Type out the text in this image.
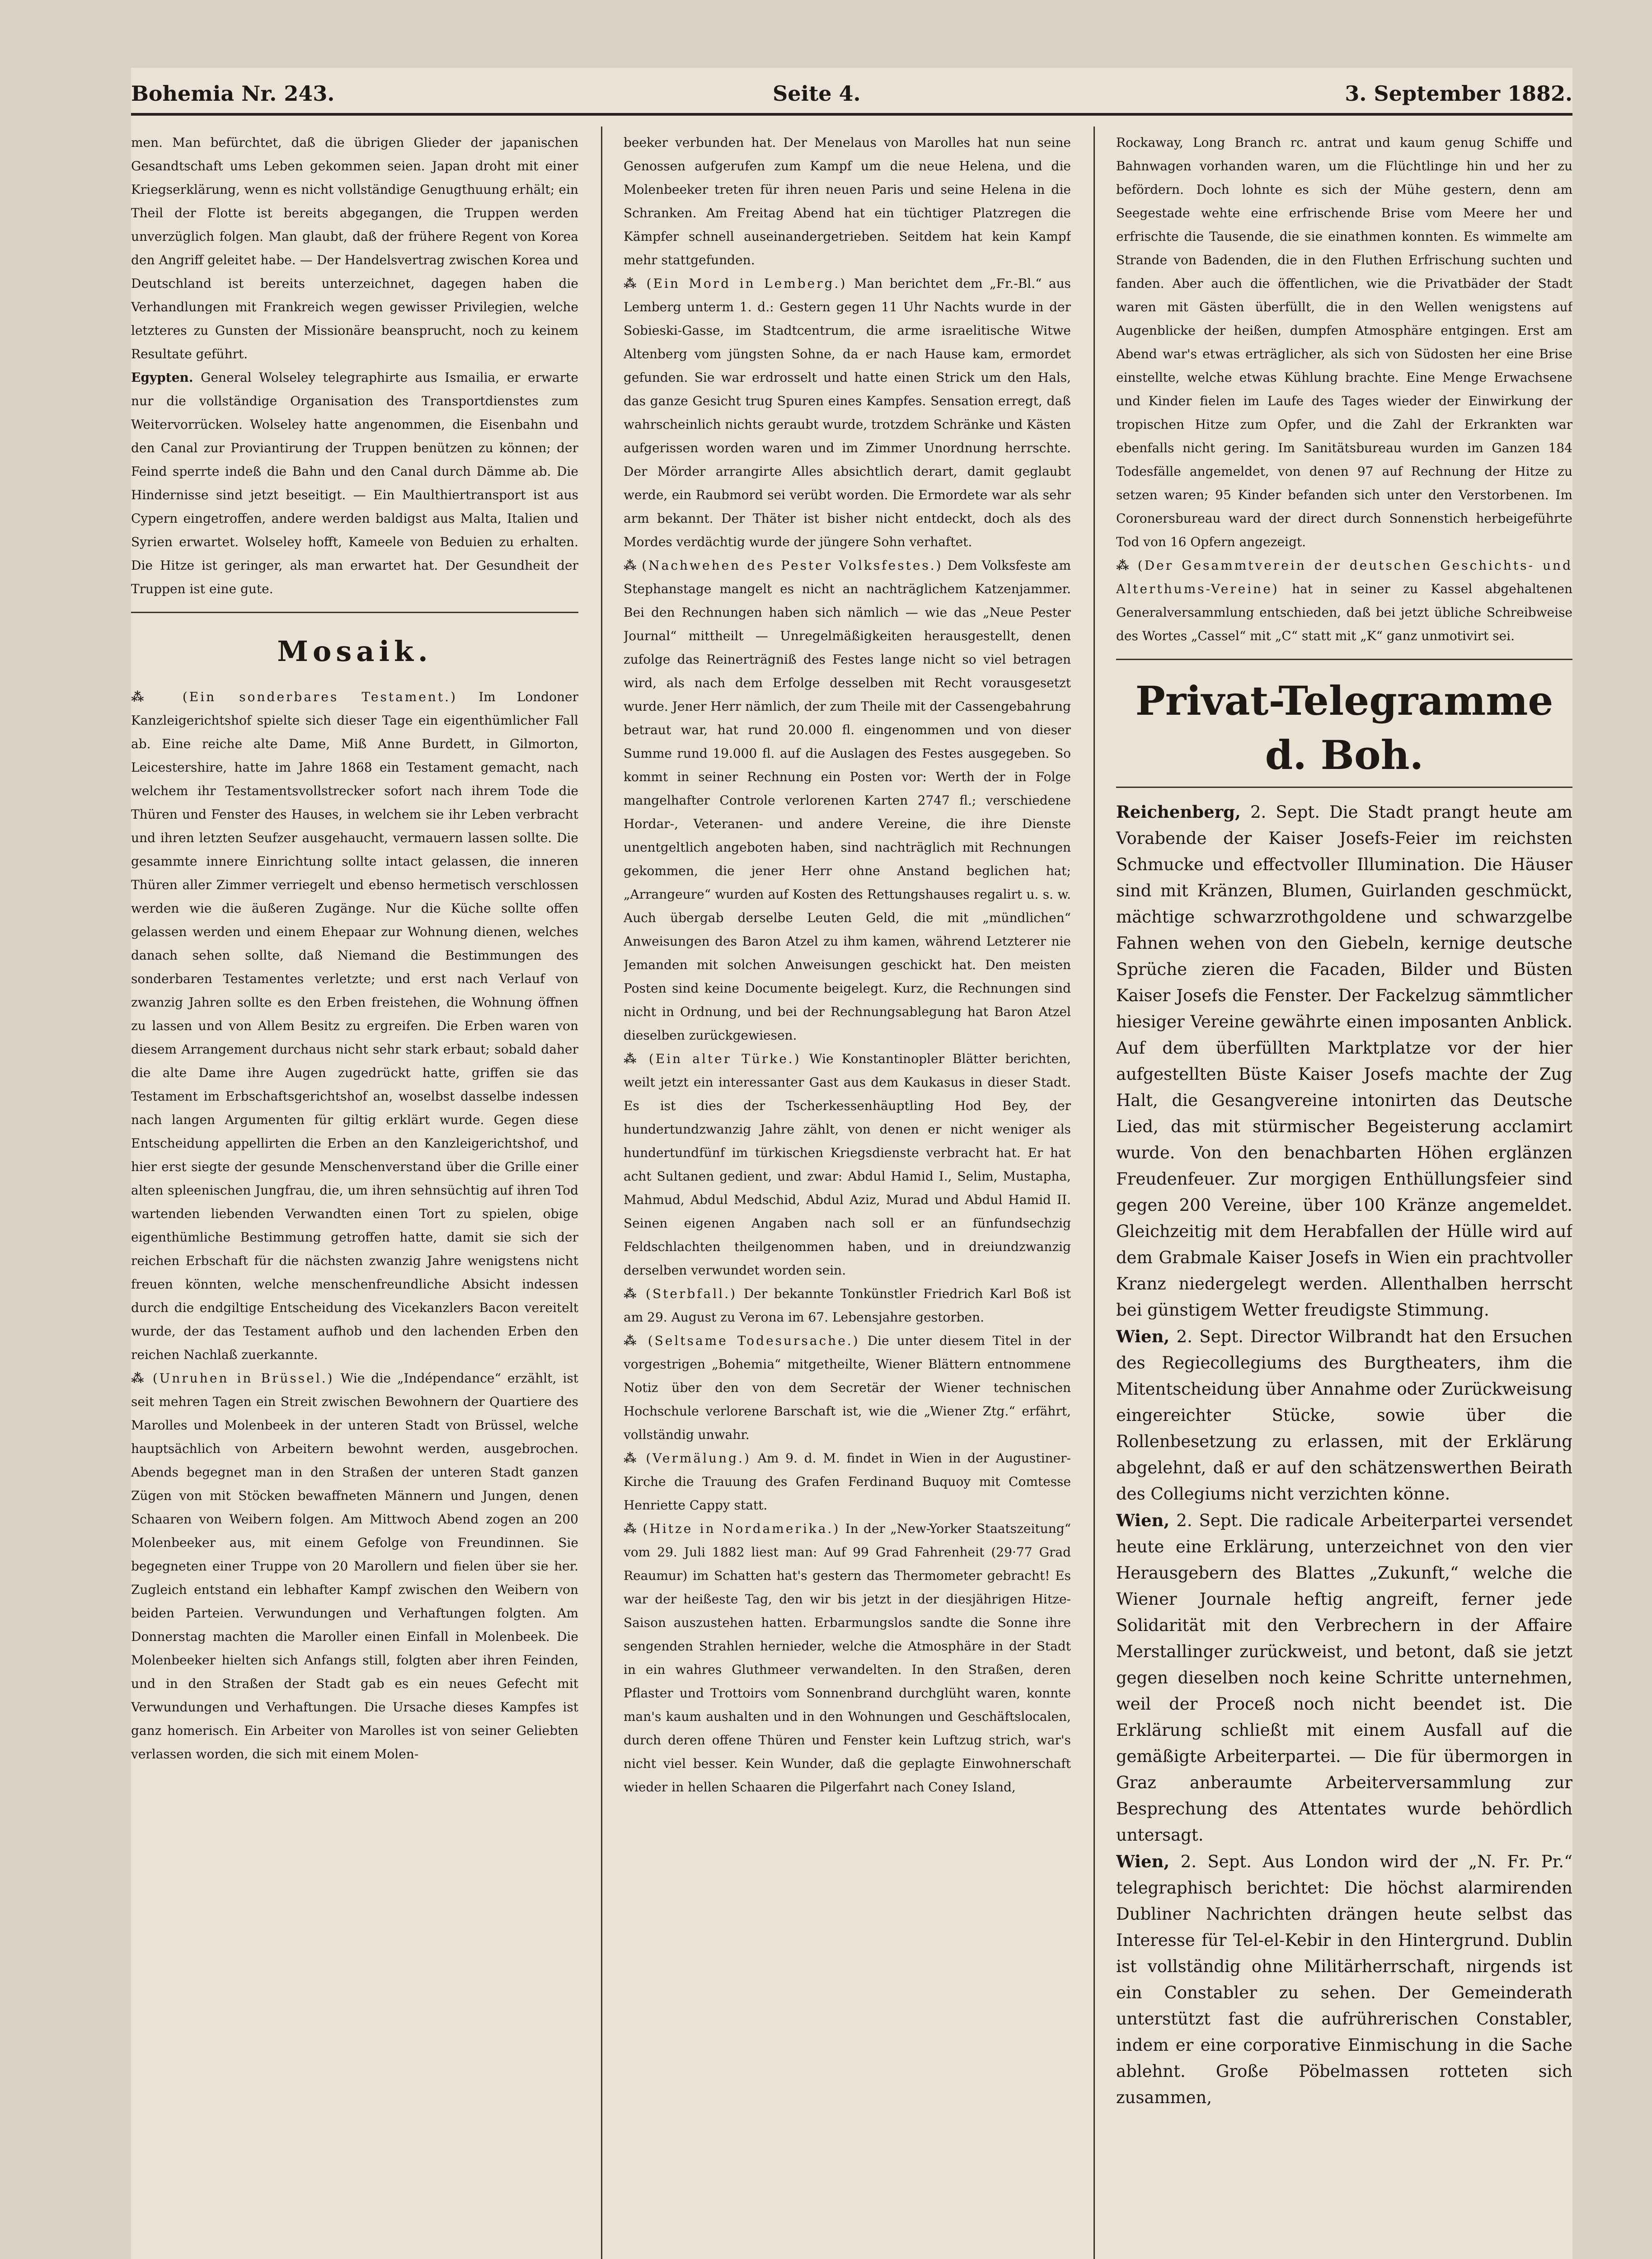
Bohemia Nr. 243.	Seite 4.	3. September 1882.

men. Man befürchtet, daß die übrigen Glieder der japanischen Gesandtschaft ums Leben gekommen seien. Japan droht mit einer Kriegserklärung, wenn es nicht vollständige Genugthuung erhält; ein Theil der Flotte ist bereits abgegangen, die Truppen werden unverzüglich folgen. Man glaubt, daß der frühere Regent von Korea den Angriff geleitet habe. — Der Handelsvertrag zwischen Korea und Deutschland ist bereits unterzeichnet, dagegen haben die Verhandlungen mit Frankreich wegen gewisser Privilegien, welche letzteres zu Gunsten der Missionäre beansprucht, noch zu keinem Resultate geführt.

Egypten. General Wolseley telegraphirte aus Ismailia, er erwarte nur die vollständige Organisation des Transportdienstes zum Weitervorrücken. Wolseley hatte angenommen, die Eisenbahn und den Canal zur Proviantirung der Truppen benützen zu können; der Feind sperrte indeß die Bahn und den Canal durch Dämme ab. Die Hindernisse sind jetzt beseitigt. — Ein Maulthiertransport ist aus Cypern eingetroffen, andere werden baldigst aus Malta, Italien und Syrien erwartet. Wolseley hofft, Kameele von Beduien zu erhalten. Die Hitze ist geringer, als man erwartet hat. Der Gesundheit der Truppen ist eine gute.

Mosaik.

⁂ (Ein sonderbares Testament.) Im Londoner Kanzleigerichtshof spielte sich dieser Tage ein eigenthümlicher Fall ab. Eine reiche alte Dame, Miß Anne Burdett, in Gilmorton, Leicestershire, hatte im Jahre 1868 ein Testament gemacht, nach welchem ihr Testamentsvollstrecker sofort nach ihrem Tode die Thüren und Fenster des Hauses, in welchem sie ihr Leben verbracht und ihren letzten Seufzer ausgehaucht, vermauern lassen sollte. Die gesammte innere Einrichtung sollte intact gelassen, die inneren Thüren aller Zimmer verriegelt und ebenso hermetisch verschlossen werden wie die äußeren Zugänge. Nur die Küche sollte offen gelassen werden und einem Ehepaar zur Wohnung dienen, welches danach sehen sollte, daß Niemand die Bestimmungen des sonderbaren Testamentes verletzte; und erst nach Verlauf von zwanzig Jahren sollte es den Erben freistehen, die Wohnung öffnen zu lassen und von Allem Besitz zu ergreifen. Die Erben waren von diesem Arrangement durchaus nicht sehr stark erbaut; sobald daher die alte Dame ihre Augen zugedrückt hatte, griffen sie das Testament im Erbschaftsgerichtshof an, woselbst dasselbe indessen nach langen Argumenten für giltig erklärt wurde. Gegen diese Entscheidung appellirten die Erben an den Kanzleigerichtshof, und hier erst siegte der gesunde Menschenverstand über die Grille einer alten spleenischen Jungfrau, die, um ihren sehnsüchtig auf ihren Tod wartenden liebenden Verwandten einen Tort zu spielen, obige eigenthümliche Bestimmung getroffen hatte, damit sie sich der reichen Erbschaft für die nächsten zwanzig Jahre wenigstens nicht freuen könnten, welche menschenfreundliche Absicht indessen durch die endgiltige Entscheidung des Vicekanzlers Bacon vereitelt wurde, der das Testament aufhob und den lachenden Erben den reichen Nachlaß zuerkannte.

⁂ (Unruhen in Brüssel.) Wie die „Indépendance“ erzählt, ist seit mehren Tagen ein Streit zwischen Bewohnern der Quartiere des Marolles und Molenbeek in der unteren Stadt von Brüssel, welche hauptsächlich von Arbeitern bewohnt werden, ausgebrochen. Abends begegnet man in den Straßen der unteren Stadt ganzen Zügen von mit Stöcken bewaffneten Männern und Jungen, denen Schaaren von Weibern folgen. Am Mittwoch Abend zogen an 200 Molenbeeker aus, mit einem Gefolge von Freundinnen. Sie begegneten einer Truppe von 20 Marollern und fielen über sie her. Zugleich entstand ein lebhafter Kampf zwischen den Weibern von beiden Parteien. Verwundungen und Verhaftungen folgten. Am Donnerstag machten die Maroller einen Einfall in Molenbeek. Die Molenbeeker hielten sich Anfangs still, folgten aber ihren Feinden, und in den Straßen der Stadt gab es ein neues Gefecht mit Verwundungen und Verhaftungen. Die Ursache dieses Kampfes ist ganz homerisch. Ein Arbeiter von Marolles ist von seiner Geliebten verlassen worden, die sich mit einem Molen-

beeker verbunden hat. Der Menelaus von Marolles hat nun seine Genossen aufgerufen zum Kampf um die neue Helena, und die Molenbeeker treten für ihren neuen Paris und seine Helena in die Schranken. Am Freitag Abend hat ein tüchtiger Platzregen die Kämpfer schnell auseinandergetrieben. Seitdem hat kein Kampf mehr stattgefunden.

⁂ (Ein Mord in Lemberg.) Man berichtet dem „Fr.-Bl.“ aus Lemberg unterm 1. d.: Gestern gegen 11 Uhr Nachts wurde in der Sobieski-Gasse, im Stadtcentrum, die arme israelitische Witwe Altenberg vom jüngsten Sohne, da er nach Hause kam, ermordet gefunden. Sie war erdrosselt und hatte einen Strick um den Hals, das ganze Gesicht trug Spuren eines Kampfes. Sensation erregt, daß wahrscheinlich nichts geraubt wurde, trotzdem Schränke und Kästen aufgerissen worden waren und im Zimmer Unordnung herrschte. Der Mörder arrangirte Alles absichtlich derart, damit geglaubt werde, ein Raubmord sei verübt worden. Die Ermordete war als sehr arm bekannt. Der Thäter ist bisher nicht entdeckt, doch als des Mordes verdächtig wurde der jüngere Sohn verhaftet.

⁂ (Nachwehen des Pester Volksfestes.) Dem Volksfeste am Stephanstage mangelt es nicht an nachträglichem Katzenjammer. Bei den Rechnungen haben sich nämlich — wie das „Neue Pester Journal“ mittheilt — Unregelmäßigkeiten herausgestellt, denen zufolge das Reinerträgniß des Festes lange nicht so viel betragen wird, als nach dem Erfolge desselben mit Recht vorausgesetzt wurde. Jener Herr nämlich, der zum Theile mit der Cassengebahrung betraut war, hat rund 20.000 fl. eingenommen und von dieser Summe rund 19.000 fl. auf die Auslagen des Festes ausgegeben. So kommt in seiner Rechnung ein Posten vor: Werth der in Folge mangelhafter Controle verlorenen Karten 2747 fl.; verschiedene Hordar-, Veteranen- und andere Vereine, die ihre Dienste unentgeltlich angeboten haben, sind nachträglich mit Rechnungen gekommen, die jener Herr ohne Anstand beglichen hat; „Arrangeure“ wurden auf Kosten des Rettungshauses regalirt u. s. w. Auch übergab derselbe Leuten Geld, die mit „mündlichen“ Anweisungen des Baron Atzel zu ihm kamen, während Letzterer nie Jemanden mit solchen Anweisungen geschickt hat. Den meisten Posten sind keine Documente beigelegt. Kurz, die Rechnungen sind nicht in Ordnung, und bei der Rechnungsablegung hat Baron Atzel dieselben zurückgewiesen.

⁂ (Ein alter Türke.) Wie Konstantinopler Blätter berichten, weilt jetzt ein interessanter Gast aus dem Kaukasus in dieser Stadt. Es ist dies der Tscherkessenhäuptling Hod Bey, der hundertundzwanzig Jahre zählt, von denen er nicht weniger als hundertundfünf im türkischen Kriegsdienste verbracht hat. Er hat acht Sultanen gedient, und zwar: Abdul Hamid I., Selim, Mustapha, Mahmud, Abdul Medschid, Abdul Aziz, Murad und Abdul Hamid II. Seinen eigenen Angaben nach soll er an fünfundsechzig Feldschlachten theilgenommen haben, und in dreiundzwanzig derselben verwundet worden sein.

⁂ (Sterbfall.) Der bekannte Tonkünstler Friedrich Karl Boß ist am 29. August zu Verona im 67. Lebensjahre gestorben.

⁂ (Seltsame Todesursache.) Die unter diesem Titel in der vorgestrigen „Bohemia“ mitgetheilte, Wiener Blättern entnommene Notiz über den von dem Secretär der Wiener technischen Hochschule verlorene Barschaft ist, wie die „Wiener Ztg.“ erfährt, vollständig unwahr.

⁂ (Vermälung.) Am 9. d. M. findet in Wien in der Augustiner-Kirche die Trauung des Grafen Ferdinand Buquoy mit Comtesse Henriette Cappy statt.

⁂ (Hitze in Nordamerika.) In der „New-Yorker Staatszeitung“ vom 29. Juli 1882 liest man: Auf 99 Grad Fahrenheit (29·77 Grad Reaumur) im Schatten hat's gestern das Thermometer gebracht! Es war der heißeste Tag, den wir bis jetzt in der diesjährigen Hitze-Saison auszustehen hatten. Erbarmungslos sandte die Sonne ihre sengenden Strahlen hernieder, welche die Atmosphäre in der Stadt in ein wahres Gluthmeer verwandelten. In den Straßen, deren Pflaster und Trottoirs vom Sonnenbrand durchglüht waren, konnte man's kaum aushalten und in den Wohnungen und Geschäftslocalen, durch deren offene Thüren und Fenster kein Luftzug strich, war's nicht viel besser. Kein Wunder, daß die geplagte Einwohnerschaft wieder in hellen Schaaren die Pilgerfahrt nach Coney Island,

Rockaway, Long Branch rc. antrat und kaum genug Schiffe und Bahnwagen vorhanden waren, um die Flüchtlinge hin und her zu befördern. Doch lohnte es sich der Mühe gestern, denn am Seegestade wehte eine erfrischende Brise vom Meere her und erfrischte die Tausende, die sie einathmen konnten. Es wimmelte am Strande von Badenden, die in den Fluthen Erfrischung suchten und fanden. Aber auch die öffentlichen, wie die Privatbäder der Stadt waren mit Gästen überfüllt, die in den Wellen wenigstens auf Augenblicke der heißen, dumpfen Atmosphäre entgingen. Erst am Abend war's etwas erträglicher, als sich von Südosten her eine Brise einstellte, welche etwas Kühlung brachte. Eine Menge Erwachsene und Kinder fielen im Laufe des Tages wieder der Einwirkung der tropischen Hitze zum Opfer, und die Zahl der Erkrankten war ebenfalls nicht gering. Im Sanitätsbureau wurden im Ganzen 184 Todesfälle angemeldet, von denen 97 auf Rechnung der Hitze zu setzen waren; 95 Kinder befanden sich unter den Verstorbenen. Im Coronersbureau ward der direct durch Sonnenstich herbeigeführte Tod von 16 Opfern angezeigt.

⁂ (Der Gesammtverein der deutschen Geschichts- und Alterthums-Vereine) hat in seiner zu Kassel abgehaltenen Generalversammlung entschieden, daß bei jetzt übliche Schreibweise des Wortes „Cassel“ mit „C“ statt mit „K“ ganz unmotivirt sei.

Privat-Telegramme d. Boh.

Reichenberg, 2. Sept. Die Stadt prangt heute am Vorabende der Kaiser Josefs-Feier im reichsten Schmucke und effectvoller Illumination. Die Häuser sind mit Kränzen, Blumen, Guirlanden geschmückt, mächtige schwarzrothgoldene und schwarzgelbe Fahnen wehen von den Giebeln, kernige deutsche Sprüche zieren die Facaden, Bilder und Büsten Kaiser Josefs die Fenster. Der Fackelzug sämmtlicher hiesiger Vereine gewährte einen imposanten Anblick. Auf dem überfüllten Marktplatze vor der hier aufgestellten Büste Kaiser Josefs machte der Zug Halt, die Gesangvereine intonirten das Deutsche Lied, das mit stürmischer Begeisterung acclamirt wurde. Von den benachbarten Höhen erglänzen Freudenfeuer. Zur morgigen Enthüllungsfeier sind gegen 200 Vereine, über 100 Kränze angemeldet. Gleichzeitig mit dem Herabfallen der Hülle wird auf dem Grabmale Kaiser Josefs in Wien ein prachtvoller Kranz niedergelegt werden. Allenthalben herrscht bei günstigem Wetter freudigste Stimmung.

Wien, 2. Sept. Director Wilbrandt hat den Ersuchen des Regiecollegiums des Burgtheaters, ihm die Mitentscheidung über Annahme oder Zurückweisung eingereichter Stücke, sowie über die Rollenbesetzung zu erlassen, mit der Erklärung abgelehnt, daß er auf den schätzenswerthen Beirath des Collegiums nicht verzichten könne.

Wien, 2. Sept. Die radicale Arbeiterpartei versendet heute eine Erklärung, unterzeichnet von den vier Herausgebern des Blattes „Zukunft,“ welche die Wiener Journale heftig angreift, ferner jede Solidarität mit den Verbrechern in der Affaire Merstallinger zurückweist, und betont, daß sie jetzt gegen dieselben noch keine Schritte unternehmen, weil der Proceß noch nicht beendet ist. Die Erklärung schließt mit einem Ausfall auf die gemäßigte Arbeiterpartei. — Die für übermorgen in Graz anberaumte Arbeiterversammlung zur Besprechung des Attentates wurde behördlich untersagt.

Wien, 2. Sept. Aus London wird der „N. Fr. Pr.“ telegraphisch berichtet: Die höchst alarmirenden Dubliner Nachrichten drängen heute selbst das Interesse für Tel-el-Kebir in den Hintergrund. Dublin ist vollständig ohne Militärherrschaft, nirgends ist ein Constabler zu sehen. Der Gemeinderath unterstützt fast die aufrührerischen Constabler, indem er eine corporative Einmischung in die Sache ablehnt. Große Pöbelmassen rotteten sich zusammen,
